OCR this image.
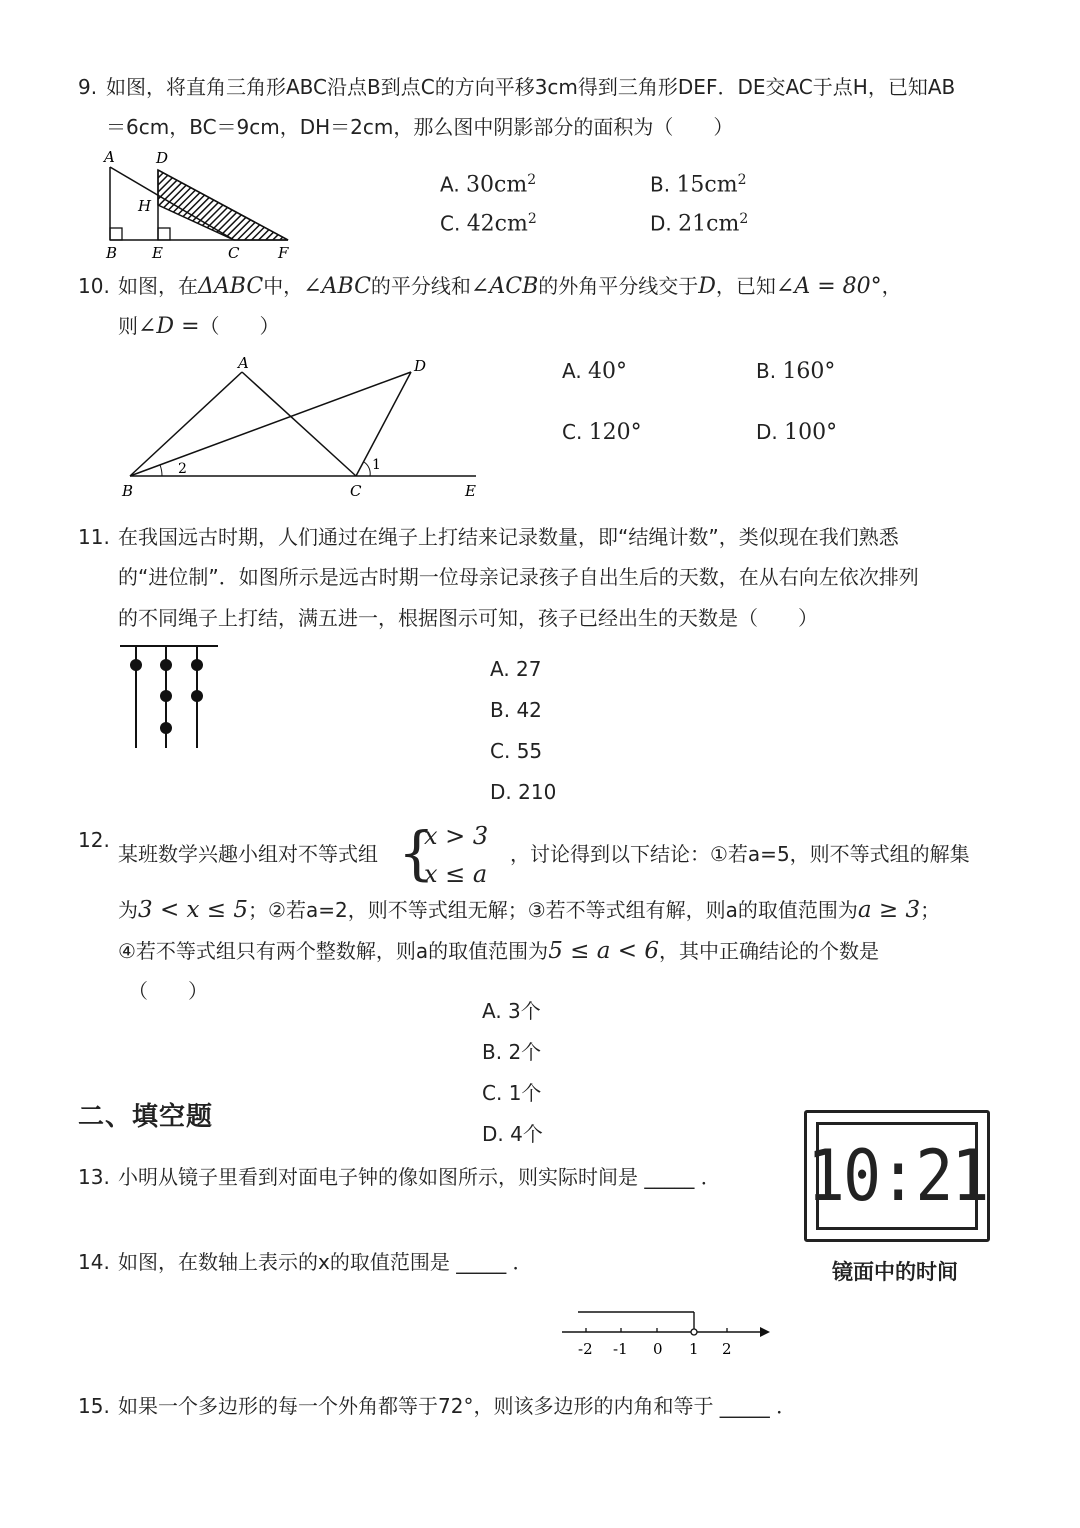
9. 如图，将直角三角形ABC沿点B到点C的方向平移3cm得到三角形DEF．DE交AC于点H，已知AB
＝6cm，BC＝9cm，DH＝2cm，那么图中阴影部分的面积为（　　）
A	D
H
B E	C	F
A. $30cm^2$	B. $15cm^2$
C. $42cm^2$	D. $21cm^2$
10. 如图，在ΔABC中，∠ABC的平分线和∠ACB的外角平分线交于D，已知∠A = 80°，
则∠D =（　　）
A	D
B	C	E
1
2
A. 40°	B. 160°
C. 120°	D. 100°
11. 在我国远古时期，人们通过在绳子上打结来记录数量，即“结绳计数”，类似现在我们熟悉
的“进位制”．如图所示是远古时期一位母亲记录孩子自出生后的天数，在从右向左依次排列
的不同绳子上打结，满五进一，根据图示可知，孩子已经出生的天数是（　　）
A. 27
B. 42
C. 55
D. 210
12.
某班数学兴趣小组对不等式组 {
x > 3
x ≤ a
，讨论得到以下结论：①若a=5，则不等式组的解集
为3 < x ≤ 5；②若a=2，则不等式组无解；③若不等式组有解，则a的取值范围为a ≥ 3；
④若不等式组只有两个整数解，则a的取值范围为5 ≤ a < 6，其中正确结论的个数是
（　　）
A. 3个
B. 2个
C. 1个
D. 4个
二、填空题
13. 小明从镜子里看到对面电子钟的像如图所示，则实际时间是 _____ ． 10:21
镜面中的时间
14. 如图，在数轴上表示的x的取值范围是 _____ ．
-2 -1 0 1 2
15. 如果一个多边形的每一个外角都等于72°，则该多边形的内角和等于 _____ ．
